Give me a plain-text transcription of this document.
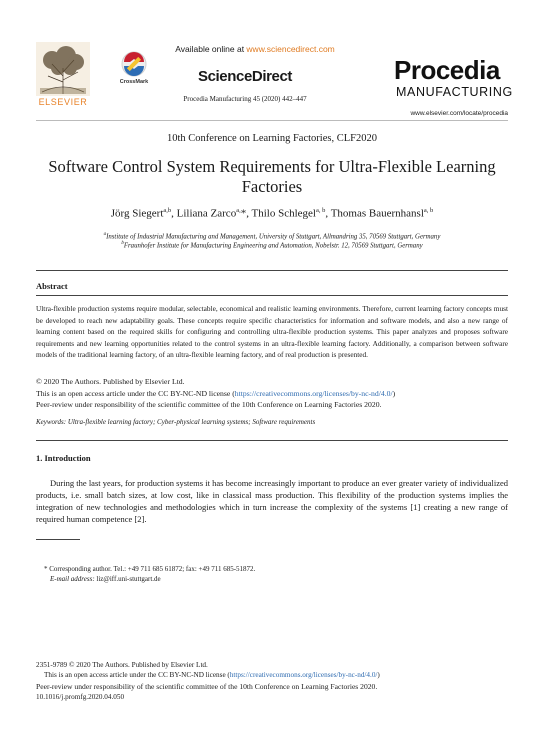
ELSEVIER
CrossMark
Available online at www.sciencedirect.com
ScienceDirect
Procedia Manufacturing 45 (2020) 442–447
Procedia
MANUFACTURING
www.elsevier.com/locate/procedia
10th Conference on Learning Factories, CLF2020
Software Control System Requirements for Ultra-Flexible Learning
Factories
Jörg Siegert$^{a,b}$, Liliana Zarco$^{a,}$*, Thilo Schlegel$^{a, b}$, Thomas Bauernhansl$^{a, b}$
$^a$Institute of Industrial Manufacturing and Management, University of Stuttgart, Allmandring 35, 70569 Stuttgart, Germany
$^b$Fraunhofer Institute for Manufacturing Engineering and Automation, Nobelstr. 12, 70569 Stuttgart, Germany
Abstract
Ultra-flexible production systems require modular, selectable, economical and realistic learning environments. Therefore, current learning factory concepts must be developed to reach new adaptability goals. These concepts require specific characteristics for information and software models, and also a new range of learning content based on the required skills for configuring and controlling ultra-flexible production systems. This paper analyzes and proposes software requirements and new learning opportunities related to the control systems in an ultra-flexible learning factory. Additionally, a comparison between software models of the traditional learning factory, of an ultra-flexible learning factory, and of real production is presented.
© 2020 The Authors. Published by Elsevier Ltd.
This is an open access article under the CC BY-NC-ND license (https://creativecommons.org/licenses/by-nc-nd/4.0/)
Peer-review under responsibility of the scientific committee of the 10th Conference on Learning Factories 2020.
Keywords: Ultra-flexible learning factory; Cyber-physical learning systems; Software requirements
1. Introduction
During the last years, for production systems it has become increasingly important to produce an ever greater variety of individualized products, i.e. small batch sizes, at low cost, like in classical mass production. This flexibility of the production systems implies the integration of new technologies and methodologies which in turn increase the complexity of the systems [1] creating a new range of required human competence [2].
* Corresponding author. Tel.: +49 711 685 61872; fax: +49 711 685-51872.
E-mail address: liz@iff.uni-stuttgart.de
2351-9789 © 2020 The Authors. Published by Elsevier Ltd.
This is an open access article under the CC BY-NC-ND license (https://creativecommons.org/licenses/by-nc-nd/4.0/)
Peer-review under responsibility of the scientific committee of the 10th Conference on Learning Factories 2020.
10.1016/j.promfg.2020.04.050
